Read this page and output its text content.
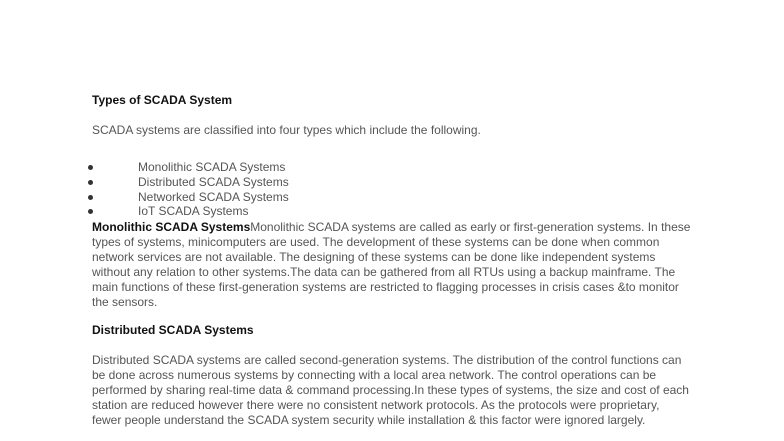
Types of SCADA System

SCADA systems are classified into four types which include the following.

Monolithic SCADA Systems
Distributed SCADA Systems
Networked SCADA Systems
IoT SCADA Systems

Monolithic SCADA SystemsMonolithic SCADA systems are called as early or first-generation systems. In these types of systems, minicomputers are used. The development of these systems can be done when common network services are not available. The designing of these systems can be done like independent systems without any relation to other systems.The data can be gathered from all RTUs using a backup mainframe. The main functions of these first-generation systems are restricted to flagging processes in crisis cases &to monitor the sensors.

Distributed SCADA Systems

Distributed SCADA systems are called second-generation systems. The distribution of the control functions can be done across numerous systems by connecting with a local area network. The control operations can be performed by sharing real-time data & command processing.In these types of systems, the size and cost of each station are reduced however there were no consistent network protocols. As the protocols were proprietary, fewer people understand the SCADA system security while installation & this factor were ignored largely.
